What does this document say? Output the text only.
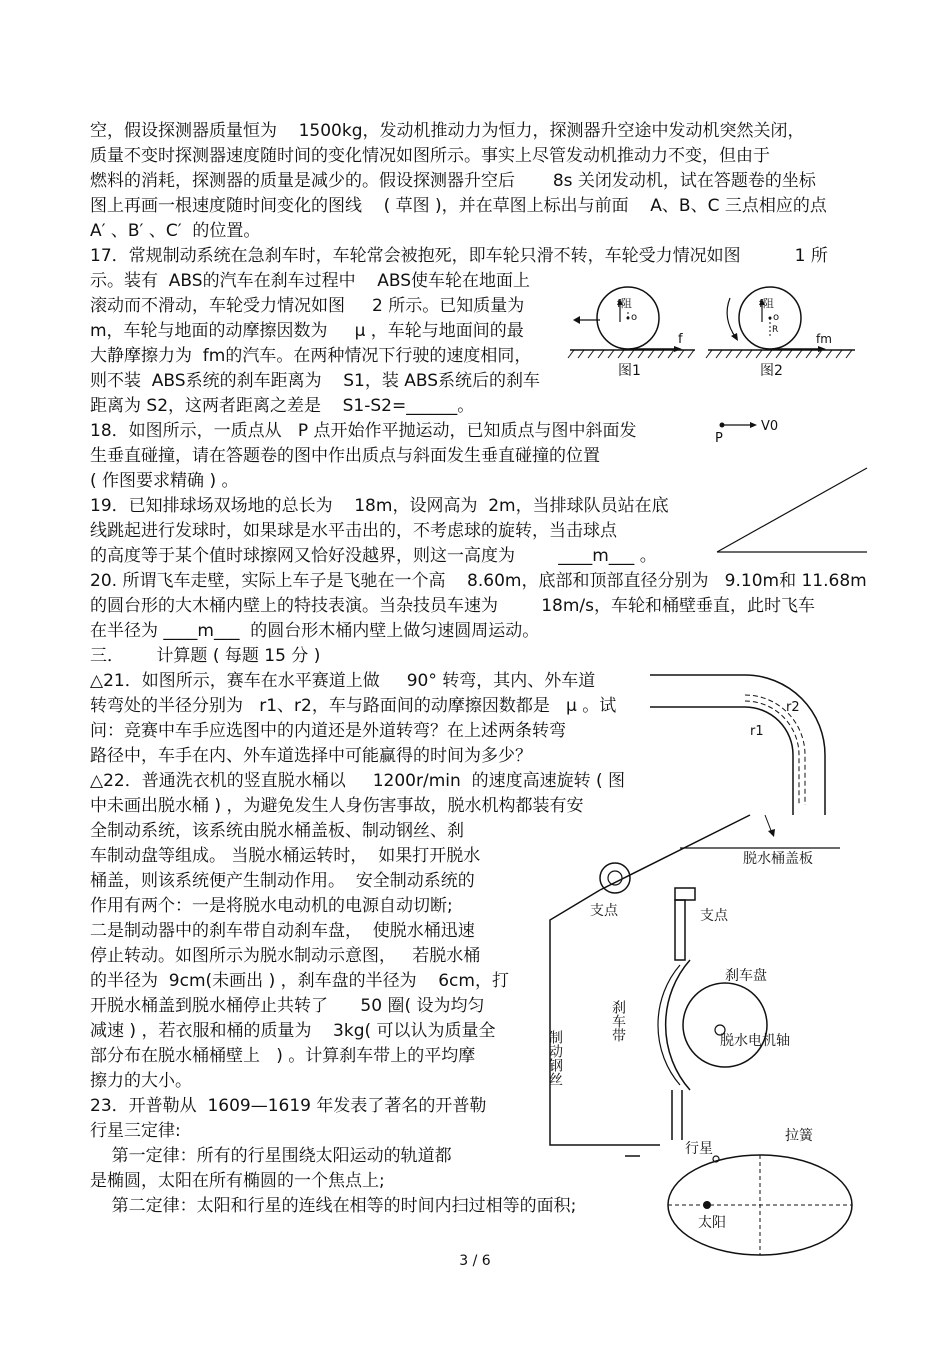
空，假设探测器质量恒为    1500kg，发动机推动力为恒力，探测器升空途中发动机突然关闭，
质量不变时探测器速度随时间的变化情况如图所示。事实上尽管发动机推动力不变，但由于
燃料的消耗，探测器的质量是减少的。假设探测器升空后       8s 关闭发动机，试在答题卷的坐标
图上再画一根速度随时间变化的图线    ( 草图 )，并在草图上标出与前面    A、B、C 三点相应的点
A′ 、B′ 、C′  的位置。
17．常规制动系统在急刹车时，车轮常会被抱死，即车轮只滑不转，车轮受力情况如图          1 所
示。装有  ABS的汽车在刹车过程中    ABS使车轮在地面上
滚动而不滑动，车轮受力情况如图     2 所示。已知质量为
m，车轮与地面的动摩擦因数为     μ ，车轮与地面间的最
大静摩擦力为  fm的汽车。在两种情况下行驶的速度相同，
则不装  ABS系统的刹车距离为    S1，装 ABS系统后的刹车
距离为 S2，这两者距离之差是    S1-S2=______。
f阻
o
f
图1
R
f阻
o
fm
图2
18．如图所示，一质点从   P 点开始作平抛运动，已知质点与图中斜面发
生垂直碰撞，请在答题卷的图中作出质点与斜面发生垂直碰撞的位置
( 作图要求精确 ) 。
P
V0
19．已知排球场双场地的总长为    18m，设网高为  2m，当排球队员站在底
线跳起进行发球时，如果球是水平击出的，不考虑球的旋转，当击球点
的高度等于某个值时球擦网又恰好没越界，则这一高度为        ____m___ 。
20. 所谓飞车走壁，实际上车子是飞驰在一个高    8.60m，底部和顶部直径分别为   9.10m和 11.68m
的圆台形的大木桶内壁上的特技表演。当杂技员车速为        18m/s，车轮和桶壁垂直，此时飞车
在半径为 ____m___  的圆台形木桶内壁上做匀速圆周运动。
三．      计算题 ( 每题 15 分 )
△21．如图所示，赛车在水平赛道上做     90° 转弯，其内、外车道
转弯处的半径分别为   r1、r2，车与路面间的动摩擦因数都是   μ 。试
问：竞赛中车手应选图中的内道还是外道转弯？在上述两条转弯
路径中，车手在内、外车道选择中可能赢得的时间为多少？
r2
r1
△22．普通洗衣机的竖直脱水桶以     1200r/min  的速度高速旋转 ( 图
中未画出脱水桶 ) ，为避免发生人身伤害事故，脱水机构都装有安
全制动系统，该系统由脱水桶盖板、制动钢丝、刹
车制动盘等组成。 当脱水桶运转时，  如果打开脱水
桶盖，则该系统便产生制动作用。  安全制动系统的
作用有两个：一是将脱水电动机的电源自动切断;
二是制动器中的刹车带自动刹车盘，  使脱水桶迅速
停止转动。如图所示为脱水制动示意图，   若脱水桶
的半径为  9cm(未画出 ) ，刹车盘的半径为    6cm，打
开脱水桶盖到脱水桶停止共转了      50 圈( 设为均匀
减速 ) ，若衣服和桶的质量为    3kg( 可以认为质量全
部分布在脱水桶桶壁上   ) 。计算刹车带上的平均摩
擦力的大小。
脱水桶盖板
支点
制动钢丝
支点
刹车带
刹车盘
脱水电机轴
拉簧
23．开普勒从  1609—1619 年发表了著名的开普勒
行星三定律:
第一定律：所有的行星围绕太阳运动的轨道都
是椭圆，太阳在所有椭圆的一个焦点上;
第二定律：太阳和行星的连线在相等的时间内扫过相等的面积;
行星
太阳
3 / 6
